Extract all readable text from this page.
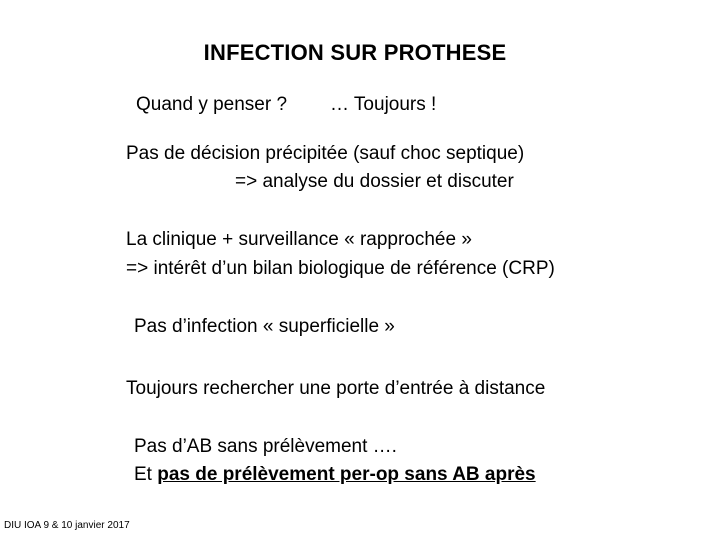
INFECTION SUR PROTHESE
Quand y penser ? … Toujours !
Pas de décision précipitée (sauf choc septique)
=> analyse du dossier et discuter
La clinique + surveillance « rapprochée »
=> intérêt d’un bilan biologique de référence (CRP)
Pas d’infection « superficielle »
Toujours rechercher une porte d’entrée à distance
Pas d’AB sans prélèvement ….
Et pas de prélèvement per-op sans AB après
DIU IOA 9 & 10 janvier 2017
